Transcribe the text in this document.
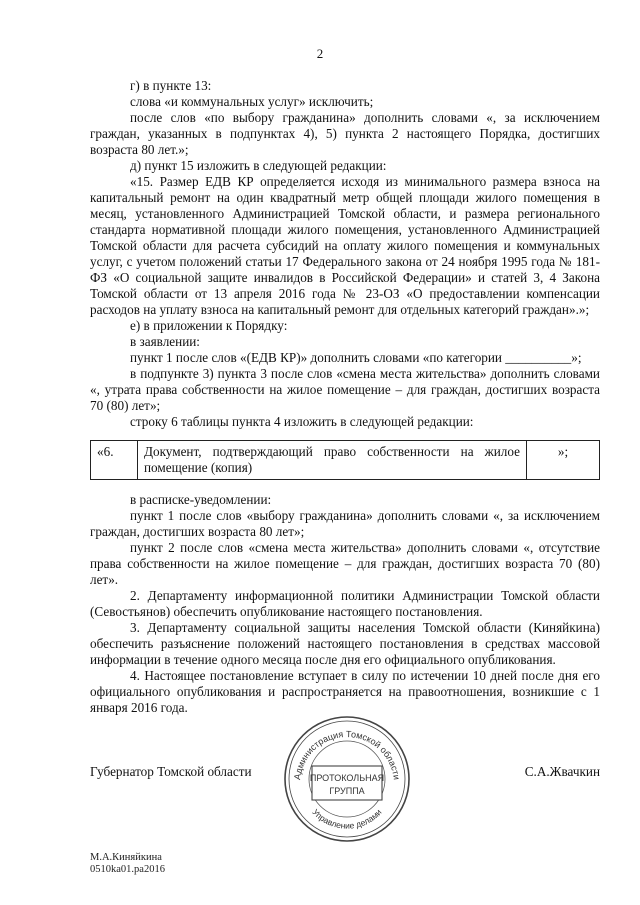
2

г) в пункте 13:

слова «и коммунальных услуг» исключить;

после слов «по выбору гражданина» дополнить словами «, за исключением граждан, указанных в подпунктах 4), 5) пункта 2 настоящего Порядка, достигших возраста 80 лет.»;

д) пункт 15 изложить в следующей редакции:

«15. Размер ЕДВ КР определяется исходя из минимального размера взноса на капитальный ремонт на один квадратный метр общей площади жилого помещения в месяц, установленного Администрацией Томской области, и размера регионального стандарта нормативной площади жилого помещения, установленного Администрацией Томской области для расчета субсидий на оплату жилого помещения и коммунальных услуг, с учетом положений статьи 17 Федерального закона от 24 ноября 1995 года № 181-ФЗ «О социальной защите инвалидов в Российской Федерации» и статей 3, 4 Закона Томской области от 13 апреля 2016 года № 23-ОЗ «О предоставлении компенсации расходов на уплату взноса на капитальный ремонт для отдельных категорий граждан».»;

е) в приложении к Порядку:

в заявлении:

пункт 1 после слов «(ЕДВ КР)» дополнить словами «по категории __________»;

в подпункте 3) пункта 3 после слов «смена места жительства» дополнить словами «, утрата права собственности на жилое помещение – для граждан, достигших возраста 70 (80) лет»;

строку 6 таблицы пункта 4 изложить в следующей редакции:

«6.	Документ, подтверждающий право собственности на жилое помещение (копия)	»;

в расписке-уведомлении:

пункт 1 после слов «выбору гражданина» дополнить словами «, за исключением граждан, достигших возраста 80 лет»;

пункт 2 после слов «смена места жительства» дополнить словами «, отсутствие права собственности на жилое помещение – для граждан, достигших возраста 70 (80) лет».

2. Департаменту информационной политики Администрации Томской области (Севостьянов) обеспечить опубликование настоящего постановления.

3. Департаменту социальной защиты населения Томской области (Киняйкина) обеспечить разъяснение положений настоящего постановления в средствах массовой информации в течение одного месяца после дня его официального опубликования.

4. Настоящее постановление вступает в силу по истечении 10 дней после дня его официального опубликования и распространяется на правоотношения, возникшие с 1 января 2016 года.

Губернатор Томской области	С.А.Жвачкин
Администрация Томской области
Управление делами
ПРОТОКОЛЬНАЯ
ГРУППА
М.А.Киняйкина
0510ka01.pa2016
